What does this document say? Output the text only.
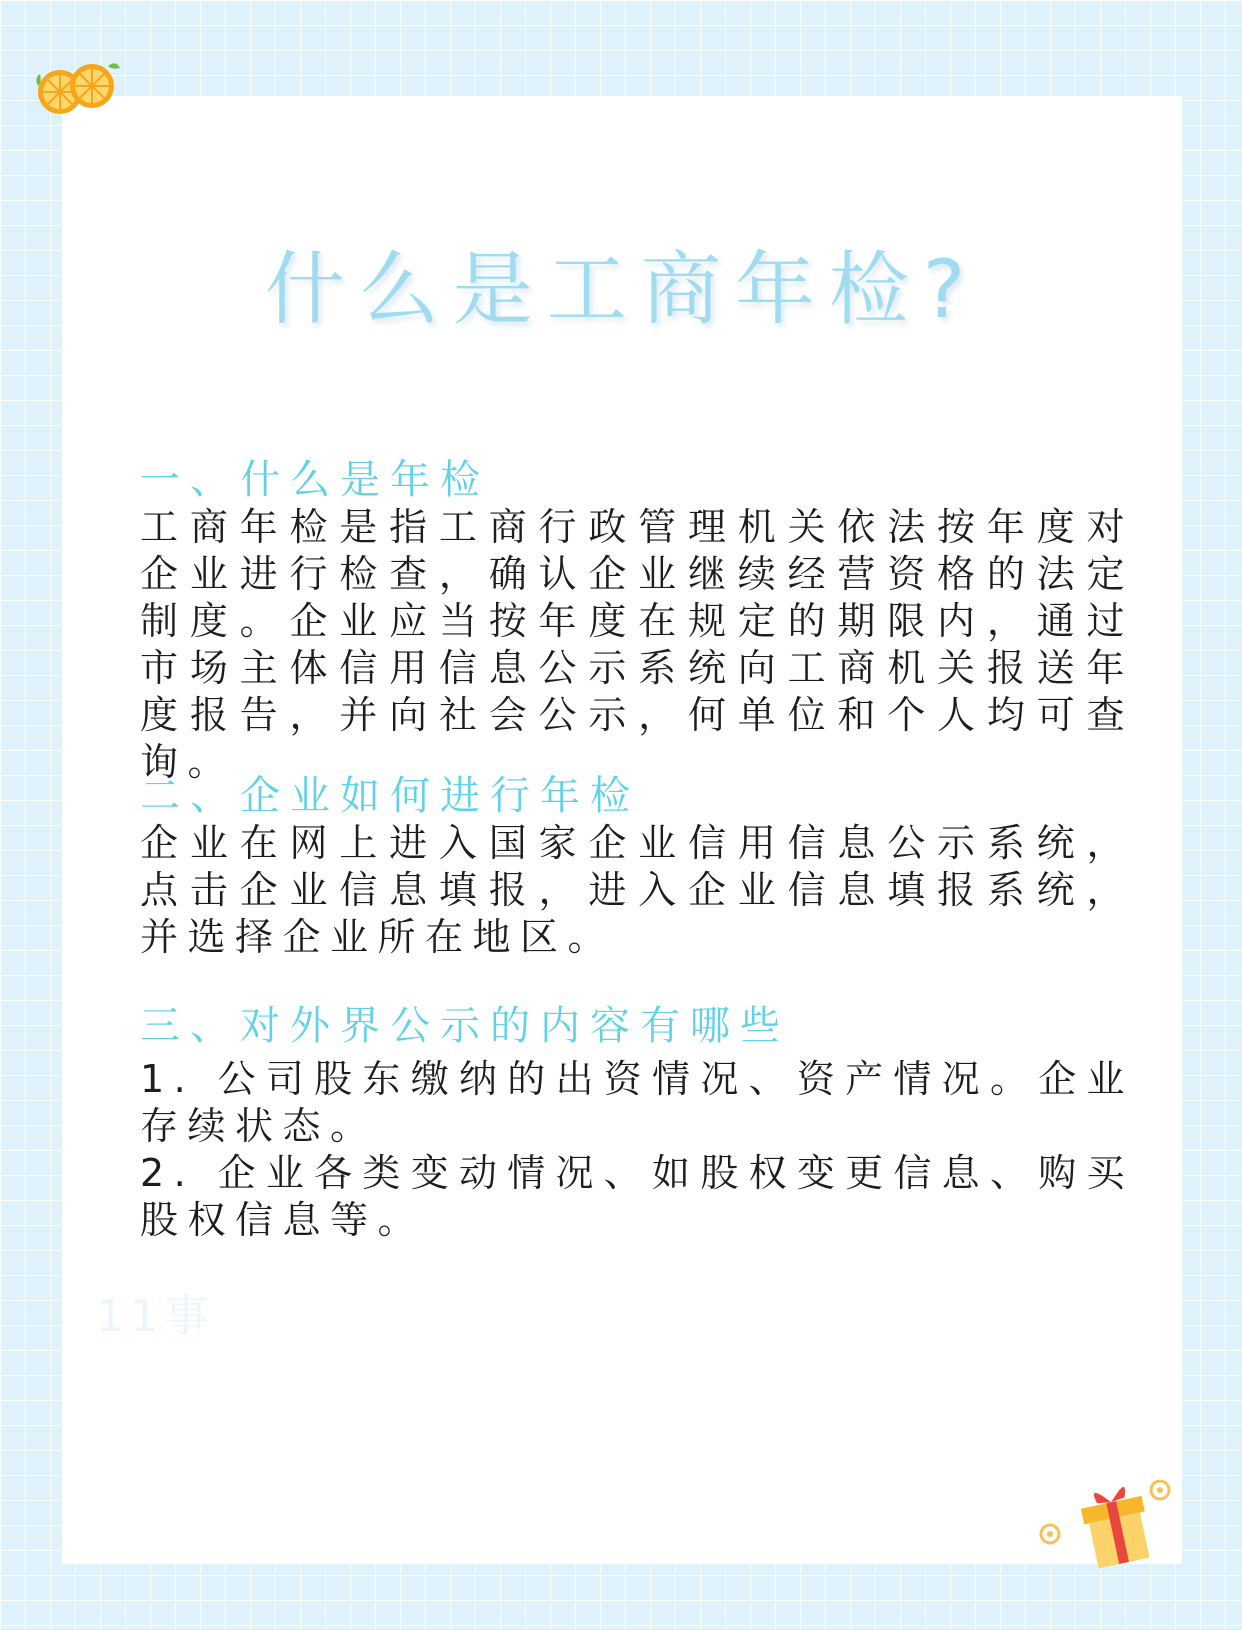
什么是工商年检?
一、什么是年检

工商年检是指工商行政管理机关依法按年度对企业进行检查，确认企业继续经营资格的法定制度。企业应当按年度在规定的期限内，通过市场主体信用信息公示系统向工商机关报送年度报告，并向社会公示，何单位和个人均可查询。

二、企业如何进行年检

企业在网上进入国家企业信用信息公示系统，点击企业信息填报，进入企业信息填报系统，并选择企业所在地区。

三、对外界公示的内容有哪些

1. 公司股东缴纳的出资情况、资产情况。企业存续状态。

2. 企业各类变动情况、如股权变更信息、购买股权信息等。

11事
